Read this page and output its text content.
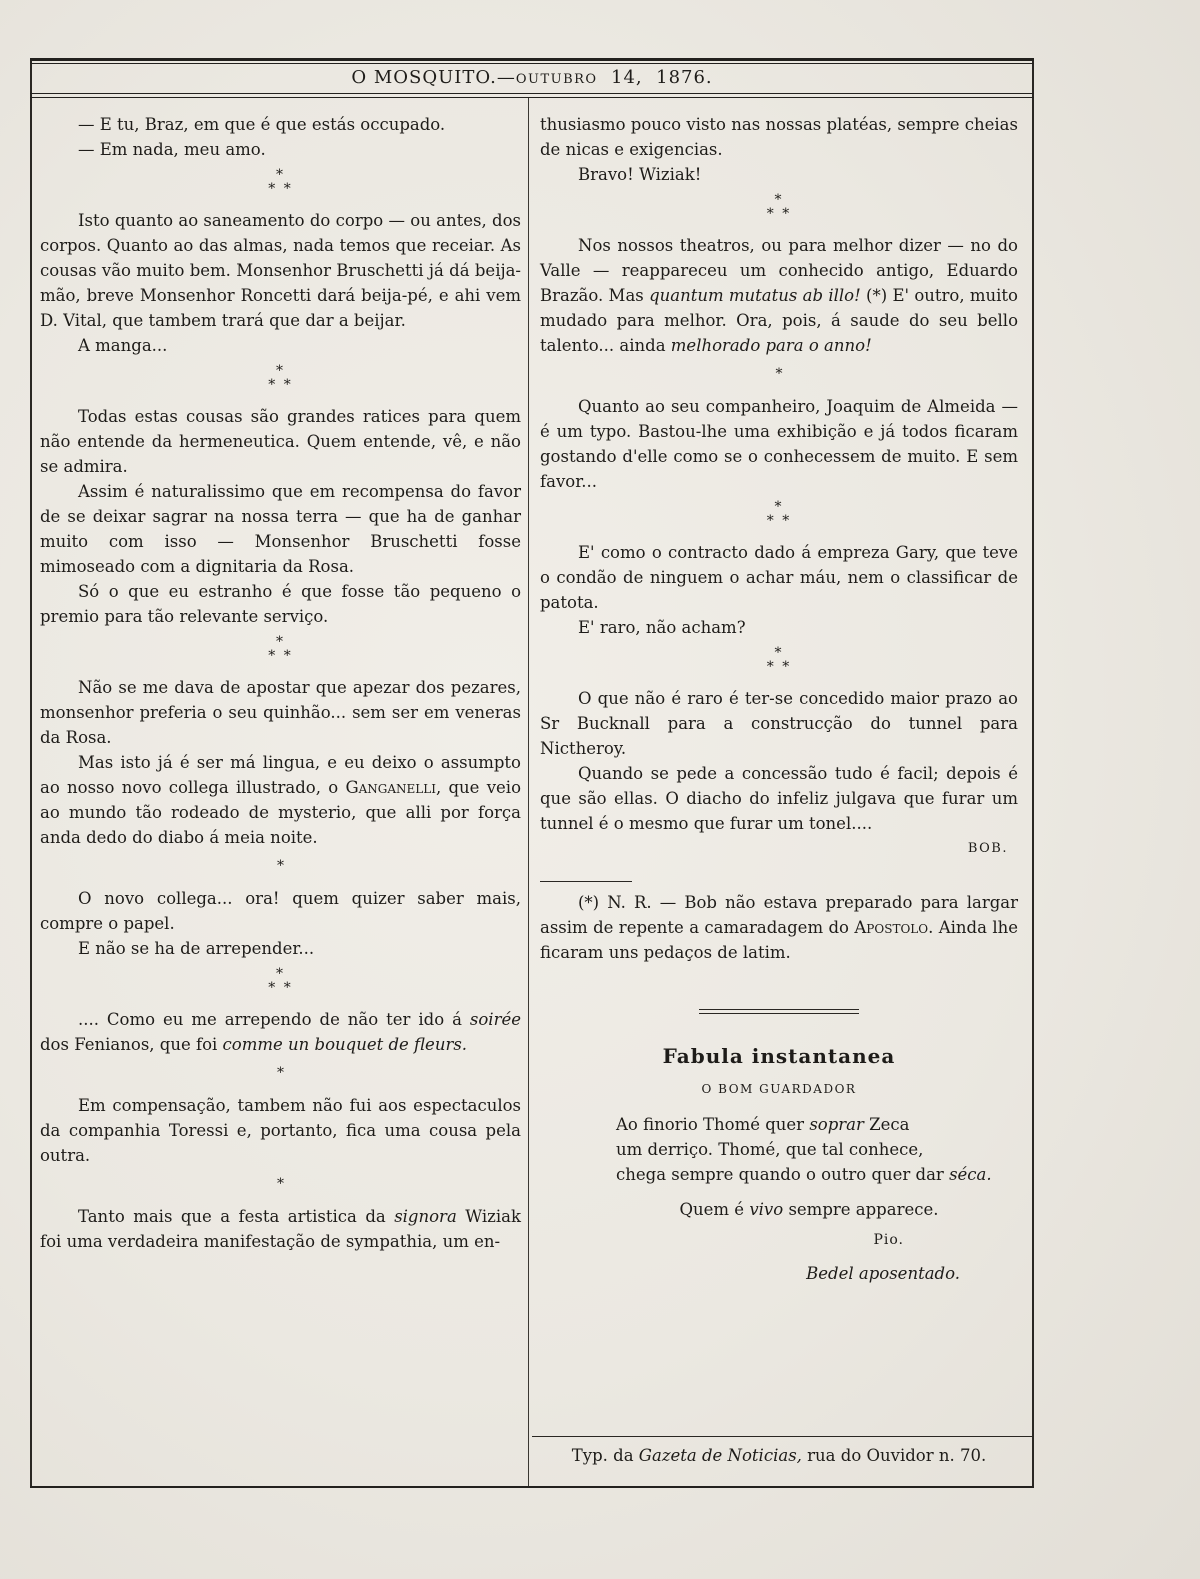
O MOSQUITO.—OUTUBRO 14, 1876.

— E tu, Braz, em que é que estás occupado.

— Em nada, meu amo.

*
* *

Isto quanto ao saneamento do corpo — ou antes, dos corpos. Quanto ao das almas, nada temos que receiar. As cousas vão muito bem. Monsenhor Bruschetti já dá beija-mão, breve Monsenhor Roncetti dará beija-pé, e ahi vem D. Vital, que tambem trará que dar a beijar.

A manga...

*
* *

Todas estas cousas são grandes ratices para quem não entende da hermeneutica. Quem entende, vê, e não se admira.

Assim é naturalissimo que em recompensa do favor de se deixar sagrar na nossa terra — que ha de ganhar muito com isso — Monsenhor Bruschetti fosse mimoseado com a dignitaria da Rosa.

Só o que eu estranho é que fosse tão pequeno o premio para tão relevante serviço.

*
* *

Não se me dava de apostar que apezar dos pezares, monsenhor preferia o seu quinhão... sem ser em veneras da Rosa.

Mas isto já é ser má lingua, e eu deixo o assumpto ao nosso novo collega illustrado, o Ganganelli, que veio ao mundo tão rodeado de mysterio, que alli por força anda dedo do diabo á meia noite.

*

O novo collega... ora! quem quizer saber mais, compre o papel.

E não se ha de arrepender...

*
* *

.... Como eu me arrependo de não ter ido á soirée dos Fenianos, que foi comme un bouquet de fleurs.

*

Em compensação, tambem não fui aos espectaculos da companhia Toressi e, portanto, fica uma cousa pela outra.

*

Tanto mais que a festa artistica da signora Wiziak foi uma verdadeira manifestação de sympathia, um en-

thusiasmo pouco visto nas nossas platéas, sempre cheias de nicas e exigencias.

Bravo! Wiziak!

*
* *

Nos nossos theatros, ou para melhor dizer — no do Valle — reappareceu um conhecido antigo, Eduardo Brazão. Mas quantum mutatus ab illo! (*) E' outro, muito mudado para melhor. Ora, pois, á saude do seu bello talento... ainda melhorado para o anno!

*

Quanto ao seu companheiro, Joaquim de Almeida — é um typo. Bastou-lhe uma exhibição e já todos ficaram gostando d'elle como se o conhecessem de muito. E sem favor...

*
* *

E' como o contracto dado á empreza Gary, que teve o condão de ninguem o achar máu, nem o classificar de patota.

E' raro, não acham?

*
* *

O que não é raro é ter-se concedido maior prazo ao Sr Bucknall para a construcção do tunnel para Nictheroy.

Quando se pede a concessão tudo é facil; depois é que são ellas. O diacho do infeliz julgava que furar um tunnel é o mesmo que furar um tonel....

BOB.

(*) N. R. — Bob não estava preparado para largar assim de repente a camaradagem do Apostolo. Ainda lhe ficaram uns pedaços de latim.

Fabula instantanea
O BOM GUARDADOR
Ao finorio Thomé quer soprar Zeca
um derriço. Thomé, que tal conhece,
chega sempre quando o outro quer dar séca.
Quem é vivo sempre apparece.
Pio.
Bedel aposentado.
Typ. da Gazeta de Noticias, rua do Ouvidor n. 70.
